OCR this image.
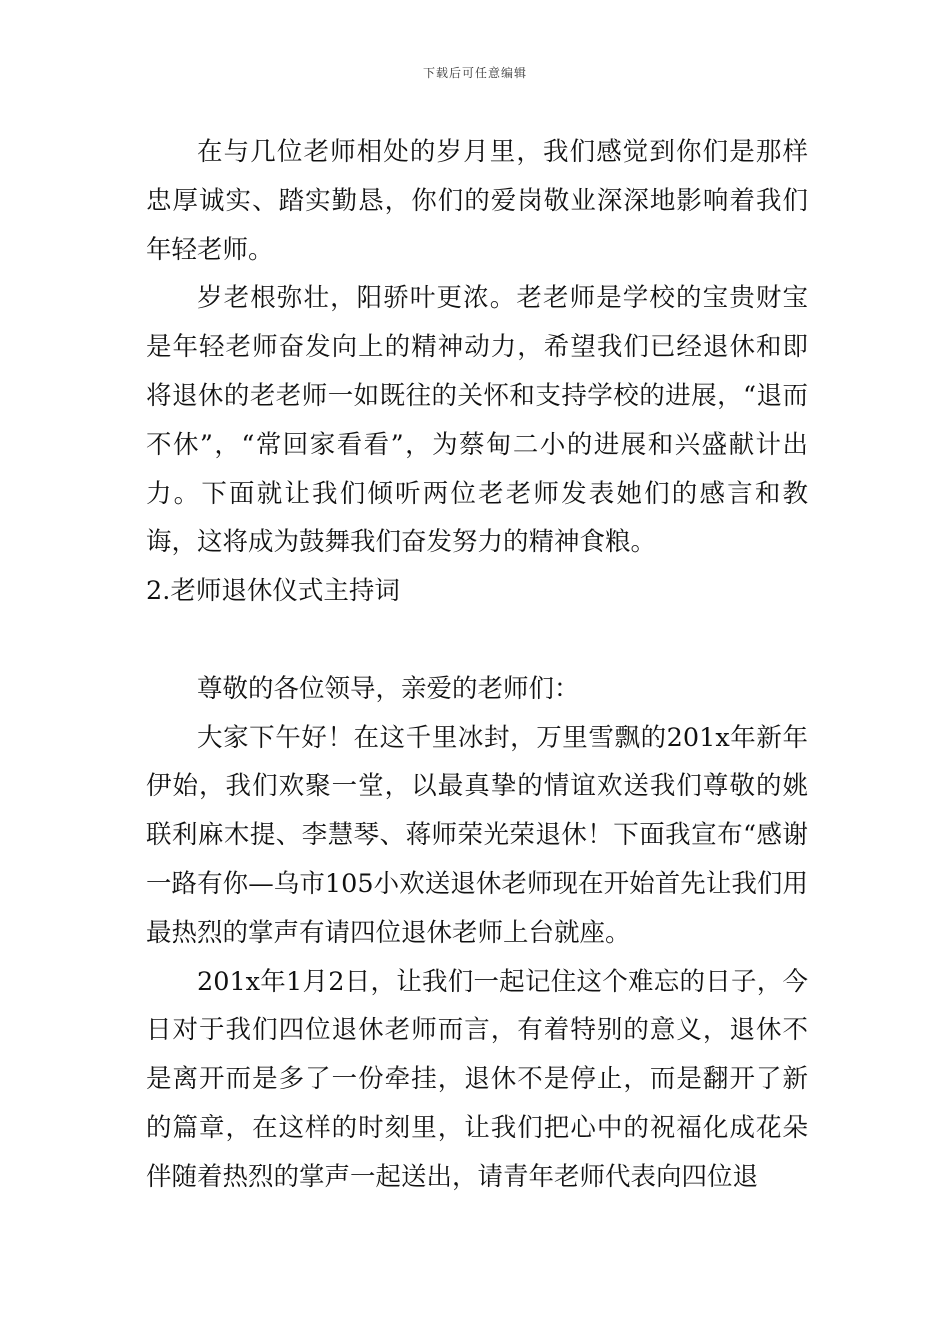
下载后可任意编辑

在与几位老师相处的岁月里，我们感觉到你们是那样忠厚诚实、踏实勤恳，你们的爱岗敬业深深地影响着我们年轻老师。

岁老根弥壮，阳骄叶更浓。老老师是学校的宝贵财宝是年轻老师奋发向上的精神动力，希望我们已经退休和即将退休的老老师一如既往的关怀和支持学校的进展，“退而不休”，“常回家看看”，为蔡甸二小的进展和兴盛献计出力。下面就让我们倾听两位老老师发表她们的感言和教诲，这将成为鼓舞我们奋发努力的精神食粮。

2.老师退休仪式主持词

尊敬的各位领导，亲爱的老师们：

大家下午好！在这千里冰封，万里雪飘的201x年新年伊始，我们欢聚一堂，以最真挚的情谊欢送我们尊敬的姚联利麻木提、李慧琴、蒋师荣光荣退休！下面我宣布“感谢一路有你—乌市105小欢送退休老师现在开始首先让我们用最热烈的掌声有请四位退休老师上台就座。

201x年1月2日，让我们一起记住这个难忘的日子，今日对于我们四位退休老师而言，有着特别的意义，退休不是离开而是多了一份牵挂，退休不是停止，而是翻开了新的篇章，在这样的时刻里，让我们把心中的祝福化成花朵伴随着热烈的掌声一起送出，请青年老师代表向四位退
